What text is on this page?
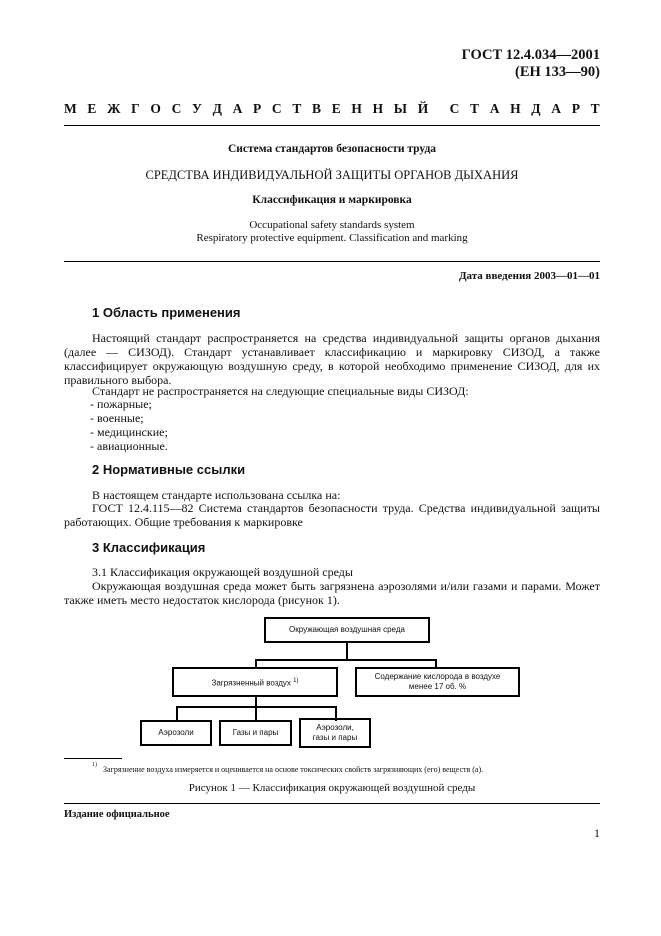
ГОСТ 12.4.034—2001
(ЕН 133—90)
М Е Ж Г О С У Д А Р С Т В Е Н Н Ы Й С Т А Н Д А Р Т
Система стандартов безопасности труда
СРЕДСТВА ИНДИВИДУАЛЬНОЙ ЗАЩИТЫ ОРГАНОВ ДЫХАНИЯ
Классификация и маркировка
Occupational safety standards system
Respiratory protective equipment. Classification and marking
Дата введения 2003—01—01
1 Область применения
Настоящий стандарт распространяется на средства индивидуальной защиты органов дыхания (далее — СИЗОД). Стандарт устанавливает классификацию и маркировку СИЗОД, а также классифицирует окружающую воздушную среду, в которой необходимо применение СИЗОД, для их правильного выбора.
Стандарт не распространяется на следующие специальные виды СИЗОД:
- пожарные;
- военные;
- медицинские;
- авиационные.
2 Нормативные ссылки
В настоящем стандарте использована ссылка на:
ГОСТ 12.4.115—82 Система стандартов безопасности труда. Средства индивидуальной защиты работающих. Общие требования к маркировке
3 Классификация
3.1 Классификация окружающей воздушной среды
Окружающая воздушная среда может быть загрязнена аэрозолями и/или газами и парами. Может также иметь место недостаток кислорода (рисунок 1).
Окружающая воздушная среда
Загрязненный воздух $^{1)}$	Содержание кислорода в воздухе
менее 17 об. %
Аэрозоли	Газы и пары
Аэрозоли,
газы и пары
1) Загрязнение воздуха измеряется и оценивается на основе токсических свойств загрязняющих (его) веществ (а).
Рисунок 1 — Классификация окружающей воздушной среды
Издание официальное
1
